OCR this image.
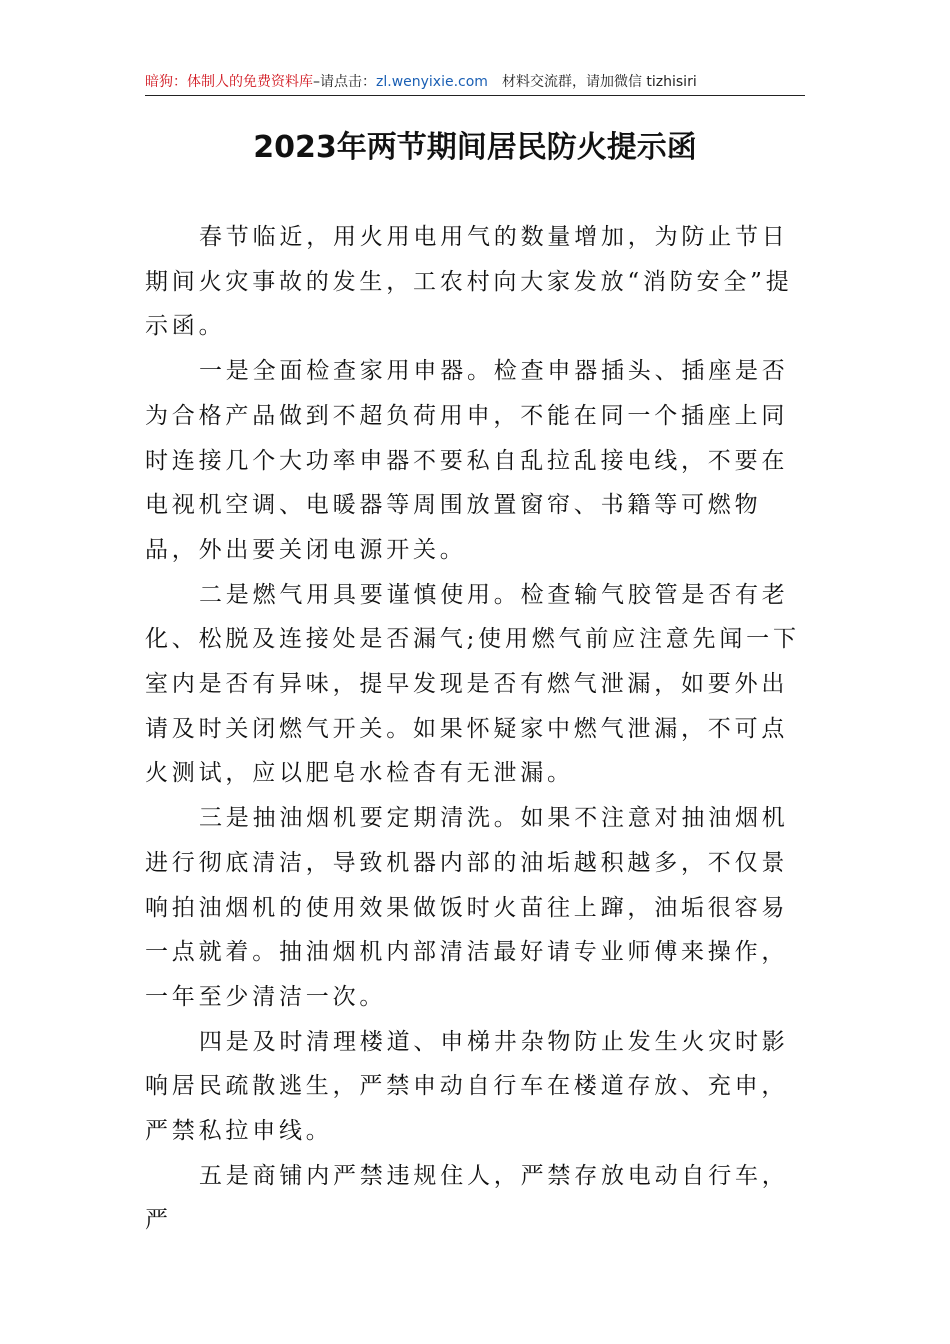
暗狗：体制人的免费资料库–请点击：zl.wenyixie.com 材料交流群，请加微信 tizhisiri
2023年两节期间居民防火提示函

春节临近，用火用电用气的数量增加，为防止节日期间火灾事故的发生，工农村向大家发放“消防安全”提示函。

一是全面检查家用申器。检查申器插头、插座是否为合格产品做到不超负荷用申，不能在同一个插座上同时连接几个大功率申器不要私自乱拉乱接电线，不要在电视机空调、电暖器等周围放置窗帘、书籍等可燃物品，外出要关闭电源开关。

二是燃气用具要谨慎使用。检查输气胶管是否有老化、松脱及连接处是否漏气;使用燃气前应注意先闻一下室内是否有异味，提早发现是否有燃气泄漏，如要外出请及时关闭燃气开关。如果怀疑家中燃气泄漏，不可点火测试，应以肥皂水检杳有无泄漏。

三是抽油烟机要定期清洗。如果不注意对抽油烟机进行彻底清洁，导致机器内部的油垢越积越多，不仅景响拍油烟机的使用效果做饭时火苗往上蹿，油垢很容易一点就着。抽油烟机内部清洁最好请专业师傅来操作，一年至少清洁一次。

四是及时清理楼道、申梯井杂物防止发生火灾时影响居民疏散逃生，严禁申动自行车在楼道存放、充申，严禁私拉申线。

五是商铺内严禁违规住人，严禁存放电动自行车，严
